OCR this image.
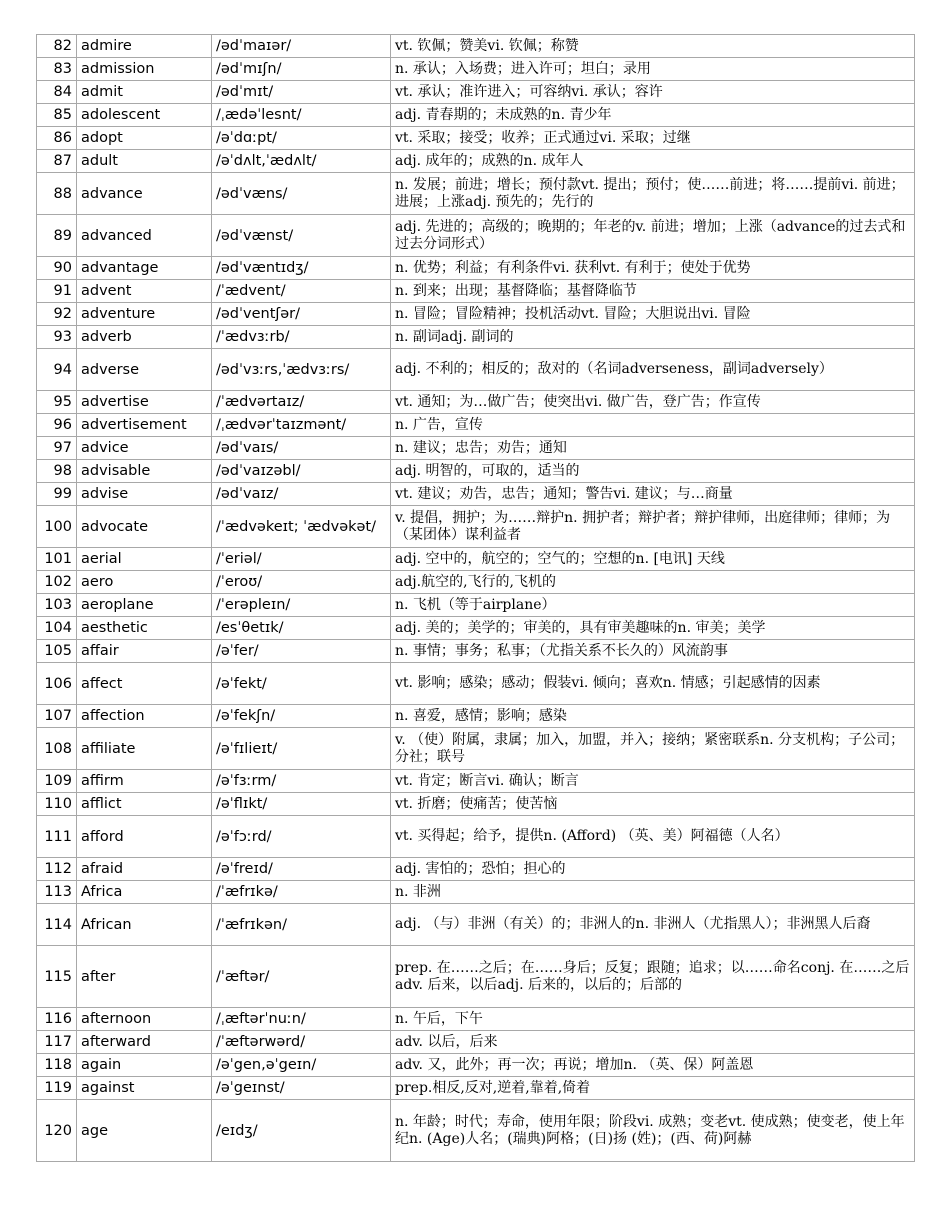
82	admire	/ədˈmaɪər/	vt. 钦佩；赞美vi. 钦佩；称赞
83	admission	/ədˈmɪʃn/	n. 承认；入场费；进入许可；坦白；录用
84	admit	/ədˈmɪt/	vt. 承认；准许进入；可容纳vi. 承认；容许
85	adolescent	/ˌædəˈlesnt/	adj. 青春期的；未成熟的n. 青少年
86	adopt	/əˈdɑːpt/	vt. 采取；接受；收养；正式通过vi. 采取；过继
87	adult	/əˈdʌlt,ˈædʌlt/	adj. 成年的；成熟的n. 成年人
88	advance	/ədˈvæns/	n. 发展；前进；增长；预付款vt. 提出；预付；使……前进；将……提前vi. 前进；进展；上涨adj. 预先的；先行的
89	advanced	/ədˈvænst/	adj. 先进的；高级的；晚期的；年老的v. 前进；增加；上涨（advance的过去式和过去分词形式）
90	advantage	/ədˈvæntɪdʒ/	n. 优势；利益；有利条件vi. 获利vt. 有利于；使处于优势
91	advent	/ˈædvent/	n. 到来；出现；基督降临；基督降临节
92	adventure	/ədˈventʃər/	n. 冒险；冒险精神；投机活动vt. 冒险；大胆说出vi. 冒险
93	adverb	/ˈædvɜːrb/	n. 副词adj. 副词的
94	adverse	/ədˈvɜːrs,ˈædvɜːrs/	adj. 不利的；相反的；敌对的（名词adverseness，副词adversely）
95	advertise	/ˈædvərtaɪz/	vt. 通知；为…做广告；使突出vi. 做广告，登广告；作宣传
96	advertisement	/ˌædvərˈtaɪzmənt/	n. 广告，宣传
97	advice	/ədˈvaɪs/	n. 建议；忠告；劝告；通知
98	advisable	/ədˈvaɪzəbl/	adj. 明智的，可取的，适当的
99	advise	/ədˈvaɪz/	vt. 建议；劝告，忠告；通知；警告vi. 建议；与…商量
100	advocate	/ˈædvəkeɪt; ˈædvəkət/	v. 提倡，拥护；为……辩护n. 拥护者；辩护者；辩护律师，出庭律师；律师；为（某团体）谋利益者
101	aerial	/ˈeriəl/	adj. 空中的，航空的；空气的；空想的n. [电讯] 天线
102	aero	/ˈeroʊ/	adj.航空的,飞行的,飞机的
103	aeroplane	/ˈerəpleɪn/	n. 飞机（等于airplane）
104	aesthetic	/esˈθetɪk/	adj. 美的；美学的；审美的，具有审美趣味的n. 审美；美学
105	affair	/əˈfer/	n. 事情；事务；私事；（尤指关系不长久的）风流韵事
106	affect	/əˈfekt/	vt. 影响；感染；感动；假装vi. 倾向；喜欢n. 情感；引起感情的因素
107	affection	/əˈfekʃn/	n. 喜爱，感情；影响；感染
108	affiliate	/əˈfɪlieɪt/	v. （使）附属，隶属；加入，加盟，并入；接纳；紧密联系n. 分支机构；子公司；分社；联号
109	affirm	/əˈfɜːrm/	vt. 肯定；断言vi. 确认；断言
110	afflict	/əˈflɪkt/	vt. 折磨；使痛苦；使苦恼
111	afford	/əˈfɔːrd/	vt. 买得起；给予，提供n. (Afford) （英、美）阿福德（人名）
112	afraid	/əˈfreɪd/	adj. 害怕的；恐怕；担心的
113	Africa	/ˈæfrɪkə/	n. 非洲
114	African	/ˈæfrɪkən/	adj. （与）非洲（有关）的；非洲人的n. 非洲人（尤指黑人）；非洲黑人后裔
115	after	/ˈæftər/	prep. 在……之后；在……身后；反复；跟随；追求；以……命名conj. 在……之后adv. 后来，以后adj. 后来的，以后的；后部的
116	afternoon	/ˌæftərˈnuːn/	n. 午后，下午
117	afterward	/ˈæftərwərd/	adv. 以后，后来
118	again	/əˈgen,əˈgeɪn/	adv. 又，此外；再一次；再说；增加n. （英、保）阿盖恩
119	against	/əˈgeɪnst/	prep.相反,反对,逆着,靠着,倚着
120	age	/eɪdʒ/	n. 年龄；时代；寿命，使用年限；阶段vi. 成熟；变老vt. 使成熟；使变老，使上年纪n. (Age)人名；(瑞典)阿格；(日)扬 (姓)；(西、荷)阿赫
